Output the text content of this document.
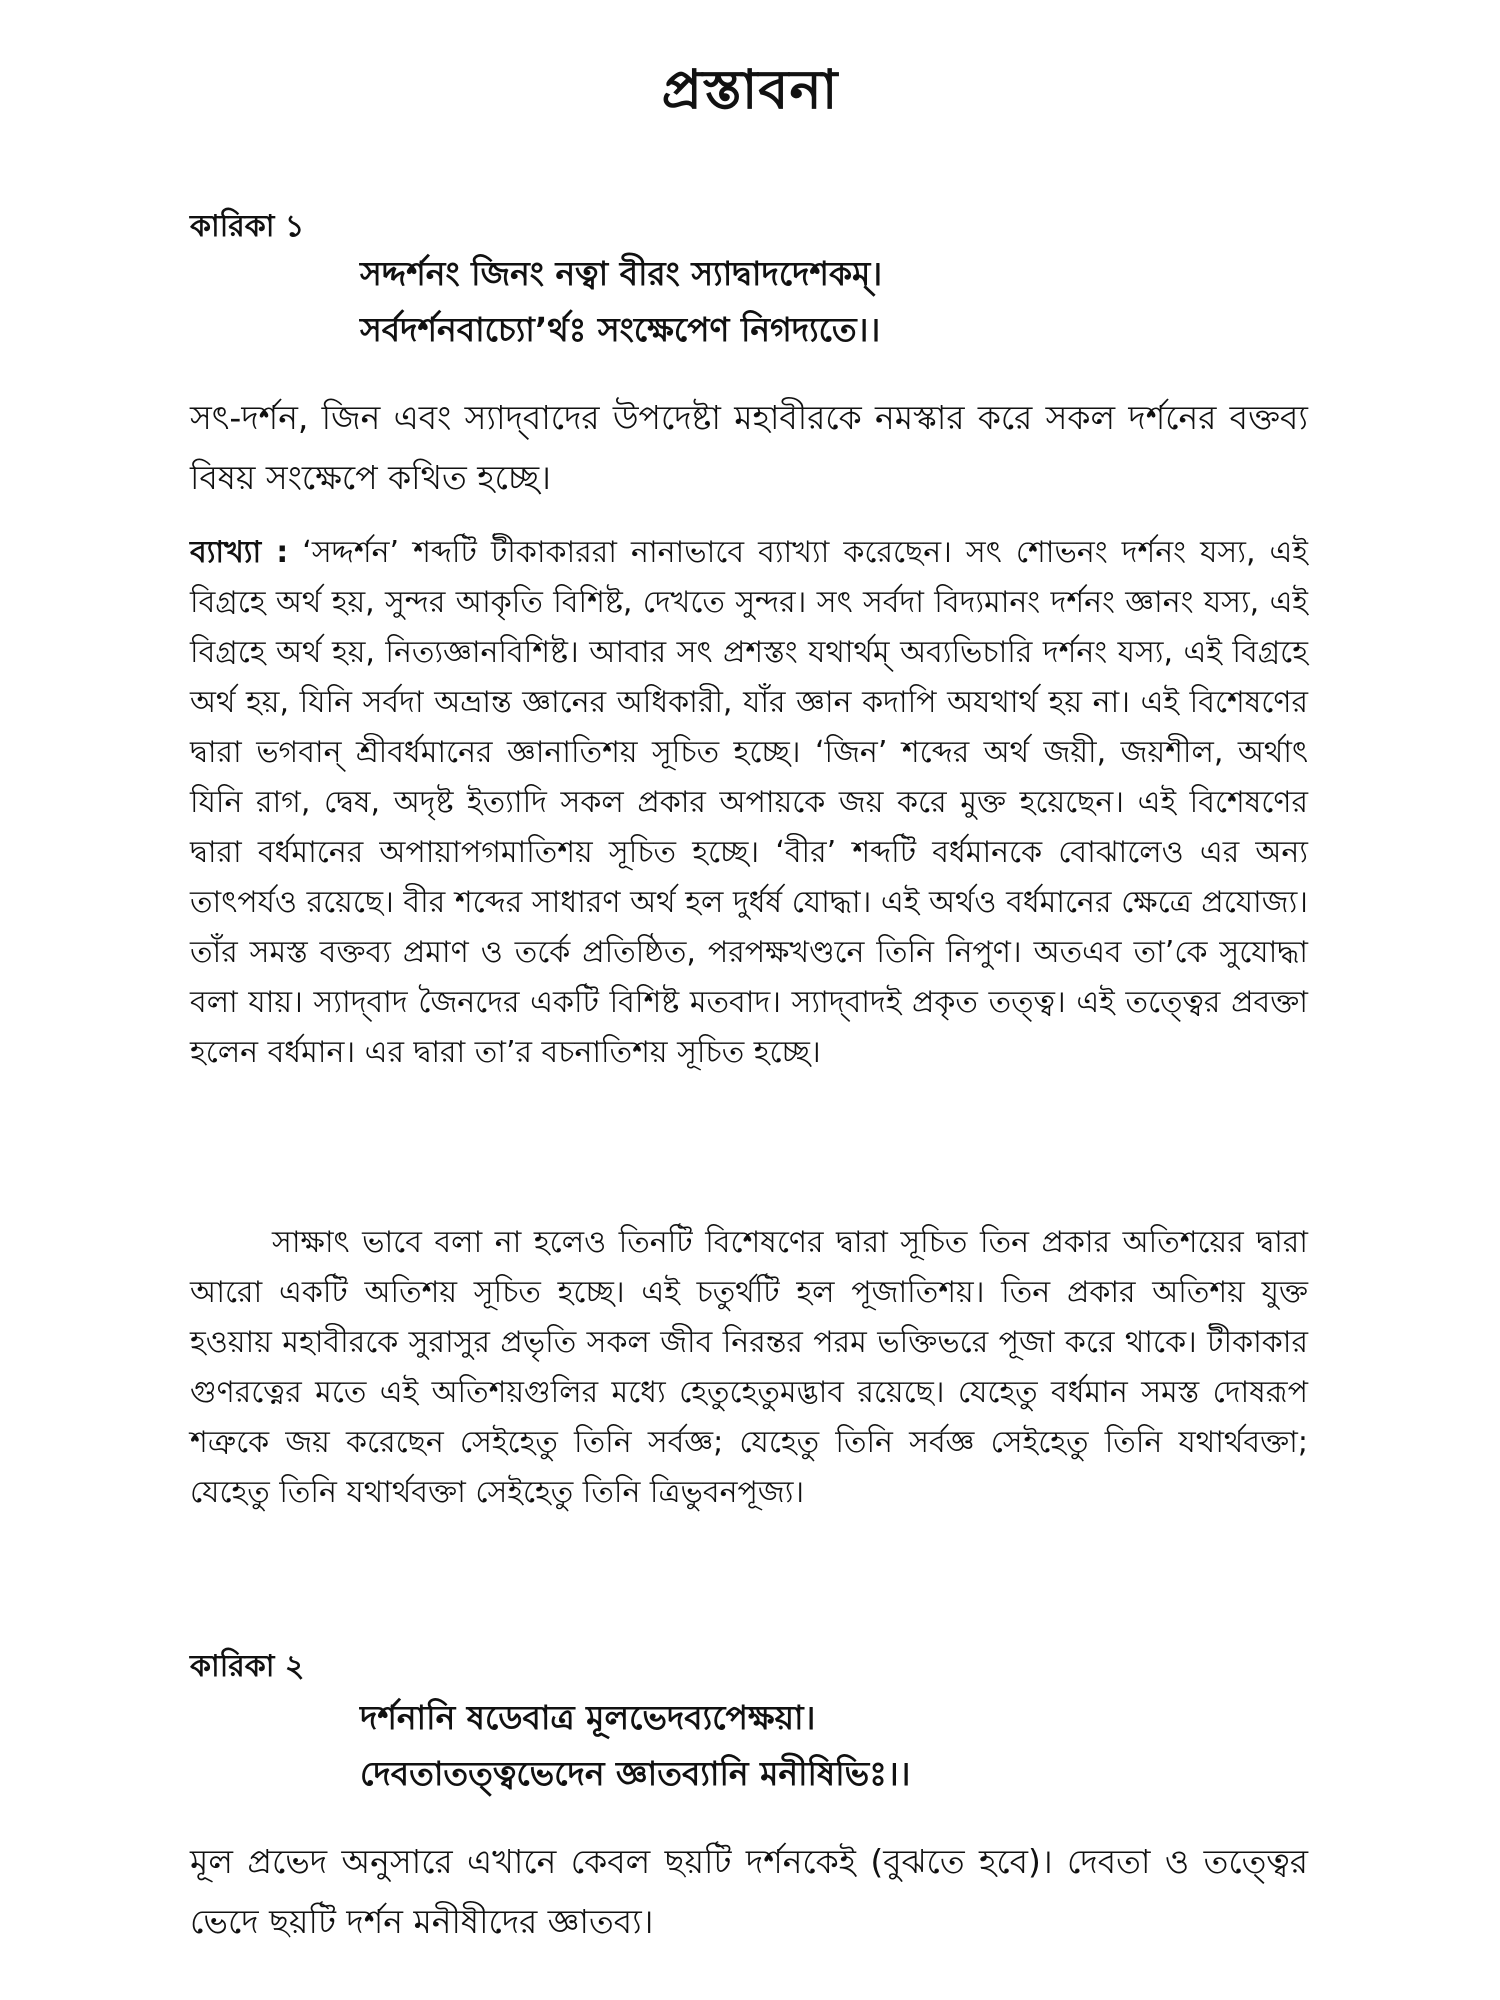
প্রস্তাবনা
কারিকা ১
সদ্দর্শনং জিনং নত্বা বীরং স্যাদ্বাদদেশকম্।
সর্বদর্শনবাচ্যো’র্থঃ সংক্ষেপেণ নিগদ্যতে।।
সৎ-দর্শন, জিন এবং স্যাদ্‌বাদের উপদেষ্টা মহাবীরকে নমস্কার করে সকল দর্শনের বক্তব্য বিষয় সংক্ষেপে কথিত হচ্ছে।
ব্যাখ্যা : ‘সদ্দর্শন’ শব্দটি টীকাকাররা নানাভাবে ব্যাখ্যা করেছেন। সৎ শোভনং দর্শনং যস্য, এই বিগ্রহে অর্থ হয়, সুন্দর আকৃতি বিশিষ্ট, দেখতে সুন্দর। সৎ সর্বদা বিদ্যমানং দর্শনং জ্ঞানং যস্য, এই বিগ্রহে অর্থ হয়, নিত্যজ্ঞানবিশিষ্ট। আবার সৎ প্রশস্তং যথার্থম্ অব্যভিচারি দর্শনং যস্য, এই বিগ্রহে অর্থ হয়, যিনি সর্বদা অভ্রান্ত জ্ঞানের অধিকারী, যাঁর জ্ঞান কদাপি অযথার্থ হয় না। এই বিশেষণের দ্বারা ভগবান্ শ্রীবর্ধমানের জ্ঞানাতিশয় সূচিত হচ্ছে। ‘জিন’ শব্দের অর্থ জয়ী, জয়শীল, অর্থাৎ যিনি রাগ, দ্বেষ, অদৃষ্ট ইত্যাদি সকল প্রকার অপায়কে জয় করে মুক্ত হয়েছেন। এই বিশেষণের দ্বারা বর্ধমানের অপায়াপগমাতিশয় সূচিত হচ্ছে। ‘বীর’ শব্দটি বর্ধমানকে বোঝালেও এর অন্য তাৎপর্যও রয়েছে। বীর শব্দের সাধারণ অর্থ হল দুর্ধর্ষ যোদ্ধা। এই অর্থও বর্ধমানের ক্ষেত্রে প্রযোজ্য। তাঁর সমস্ত বক্তব্য প্রমাণ ও তর্কে প্রতিষ্ঠিত, পরপক্ষখণ্ডনে তিনি নিপুণ। অতএব তা’কে সুযোদ্ধা বলা যায়। স্যাদ্‌বাদ জৈনদের একটি বিশিষ্ট মতবাদ। স্যাদ্‌বাদই প্রকৃত তত্ত্ব। এই তত্ত্বের প্রবক্তা হলেন বর্ধমান। এর দ্বারা তা’র বচনাতিশয় সূচিত হচ্ছে।
সাক্ষাৎ ভাবে বলা না হলেও তিনটি বিশেষণের দ্বারা সূচিত তিন প্রকার অতিশয়ের দ্বারা আরো একটি অতিশয় সূচিত হচ্ছে। এই চতুর্থটি হল পূজাতিশয়। তিন প্রকার অতিশয় যুক্ত হওয়ায় মহাবীরকে সুরাসুর প্রভৃতি সকল জীব নিরন্তর পরম ভক্তিভরে পূজা করে থাকে। টীকাকার গুণরত্নের মতে এই অতিশয়গুলির মধ্যে হেতুহেতুমদ্ভাব রয়েছে। যেহেতু বর্ধমান সমস্ত দোষরূপ শত্রুকে জয় করেছেন সেইহেতু তিনি সর্বজ্ঞ; যেহেতু তিনি সর্বজ্ঞ সেইহেতু তিনি যথার্থবক্তা; যেহেতু তিনি যথার্থবক্তা সেইহেতু তিনি ত্রিভুবনপূজ্য।
কারিকা ২
দর্শনানি ষডেবাত্র মূলভেদব্যপেক্ষয়া।
দেবতাতত্ত্বভেদেন জ্ঞাতব্যানি মনীষিভিঃ।।
মূল প্রভেদ অনুসারে এখানে কেবল ছয়টি দর্শনকেই (বুঝতে হবে)। দেবতা ও তত্ত্বের ভেদে ছয়টি দর্শন মনীষীদের জ্ঞাতব্য।
